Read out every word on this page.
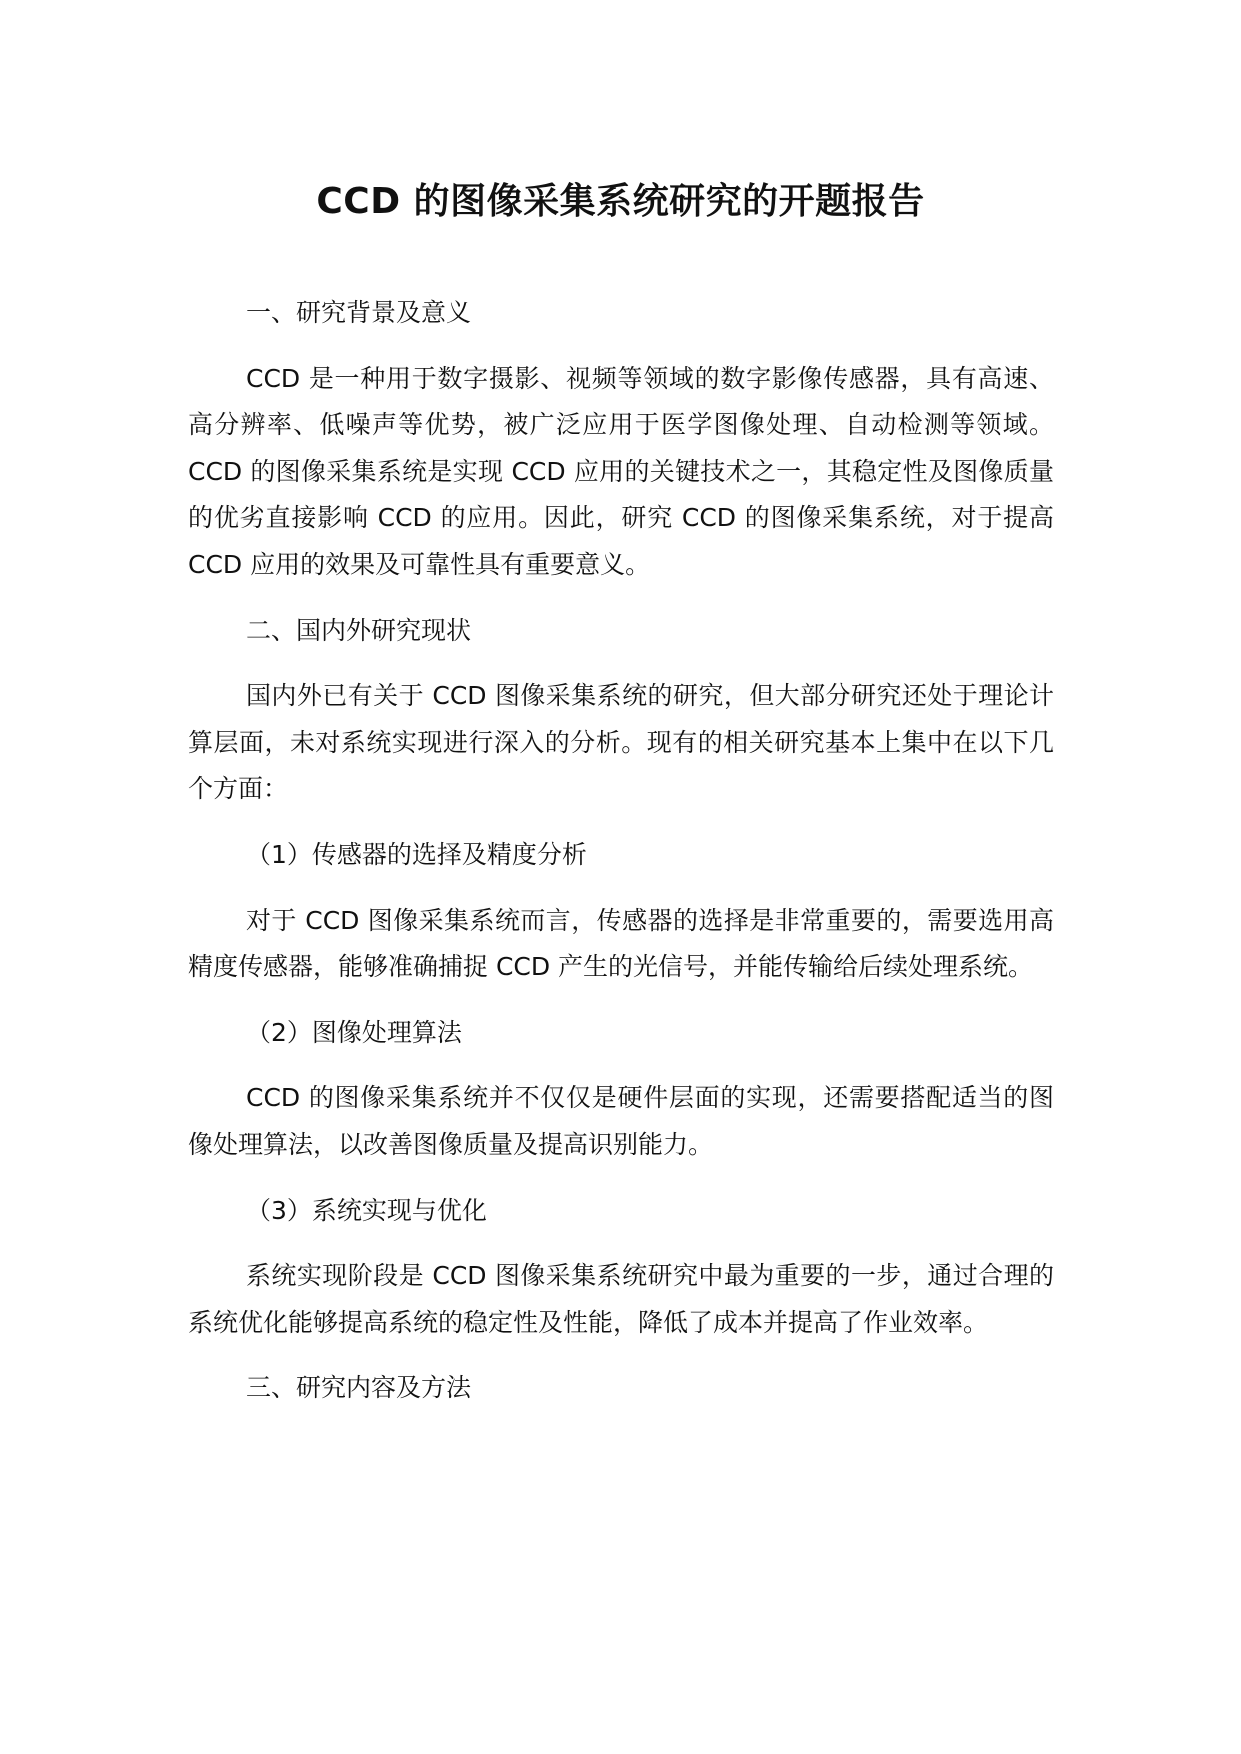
CCD 的图像采集系统研究的开题报告

一、研究背景及意义

CCD 是一种用于数字摄影、视频等领域的数字影像传感器，具有高速、高分辨率、低噪声等优势，被广泛应用于医学图像处理、自动检测等领域。CCD 的图像采集系统是实现 CCD 应用的关键技术之一，其稳定性及图像质量的优劣直接影响 CCD 的应用。因此，研究 CCD 的图像采集系统，对于提高 CCD 应用的效果及可靠性具有重要意义。

二、国内外研究现状

国内外已有关于 CCD 图像采集系统的研究，但大部分研究还处于理论计算层面，未对系统实现进行深入的分析。现有的相关研究基本上集中在以下几个方面：

（1）传感器的选择及精度分析

对于 CCD 图像采集系统而言，传感器的选择是非常重要的，需要选用高精度传感器，能够准确捕捉 CCD 产生的光信号，并能传输给后续处理系统。

（2）图像处理算法

CCD 的图像采集系统并不仅仅是硬件层面的实现，还需要搭配适当的图像处理算法，以改善图像质量及提高识别能力。

（3）系统实现与优化

系统实现阶段是 CCD 图像采集系统研究中最为重要的一步，通过合理的系统优化能够提高系统的稳定性及性能，降低了成本并提高了作业效率。

三、研究内容及方法
